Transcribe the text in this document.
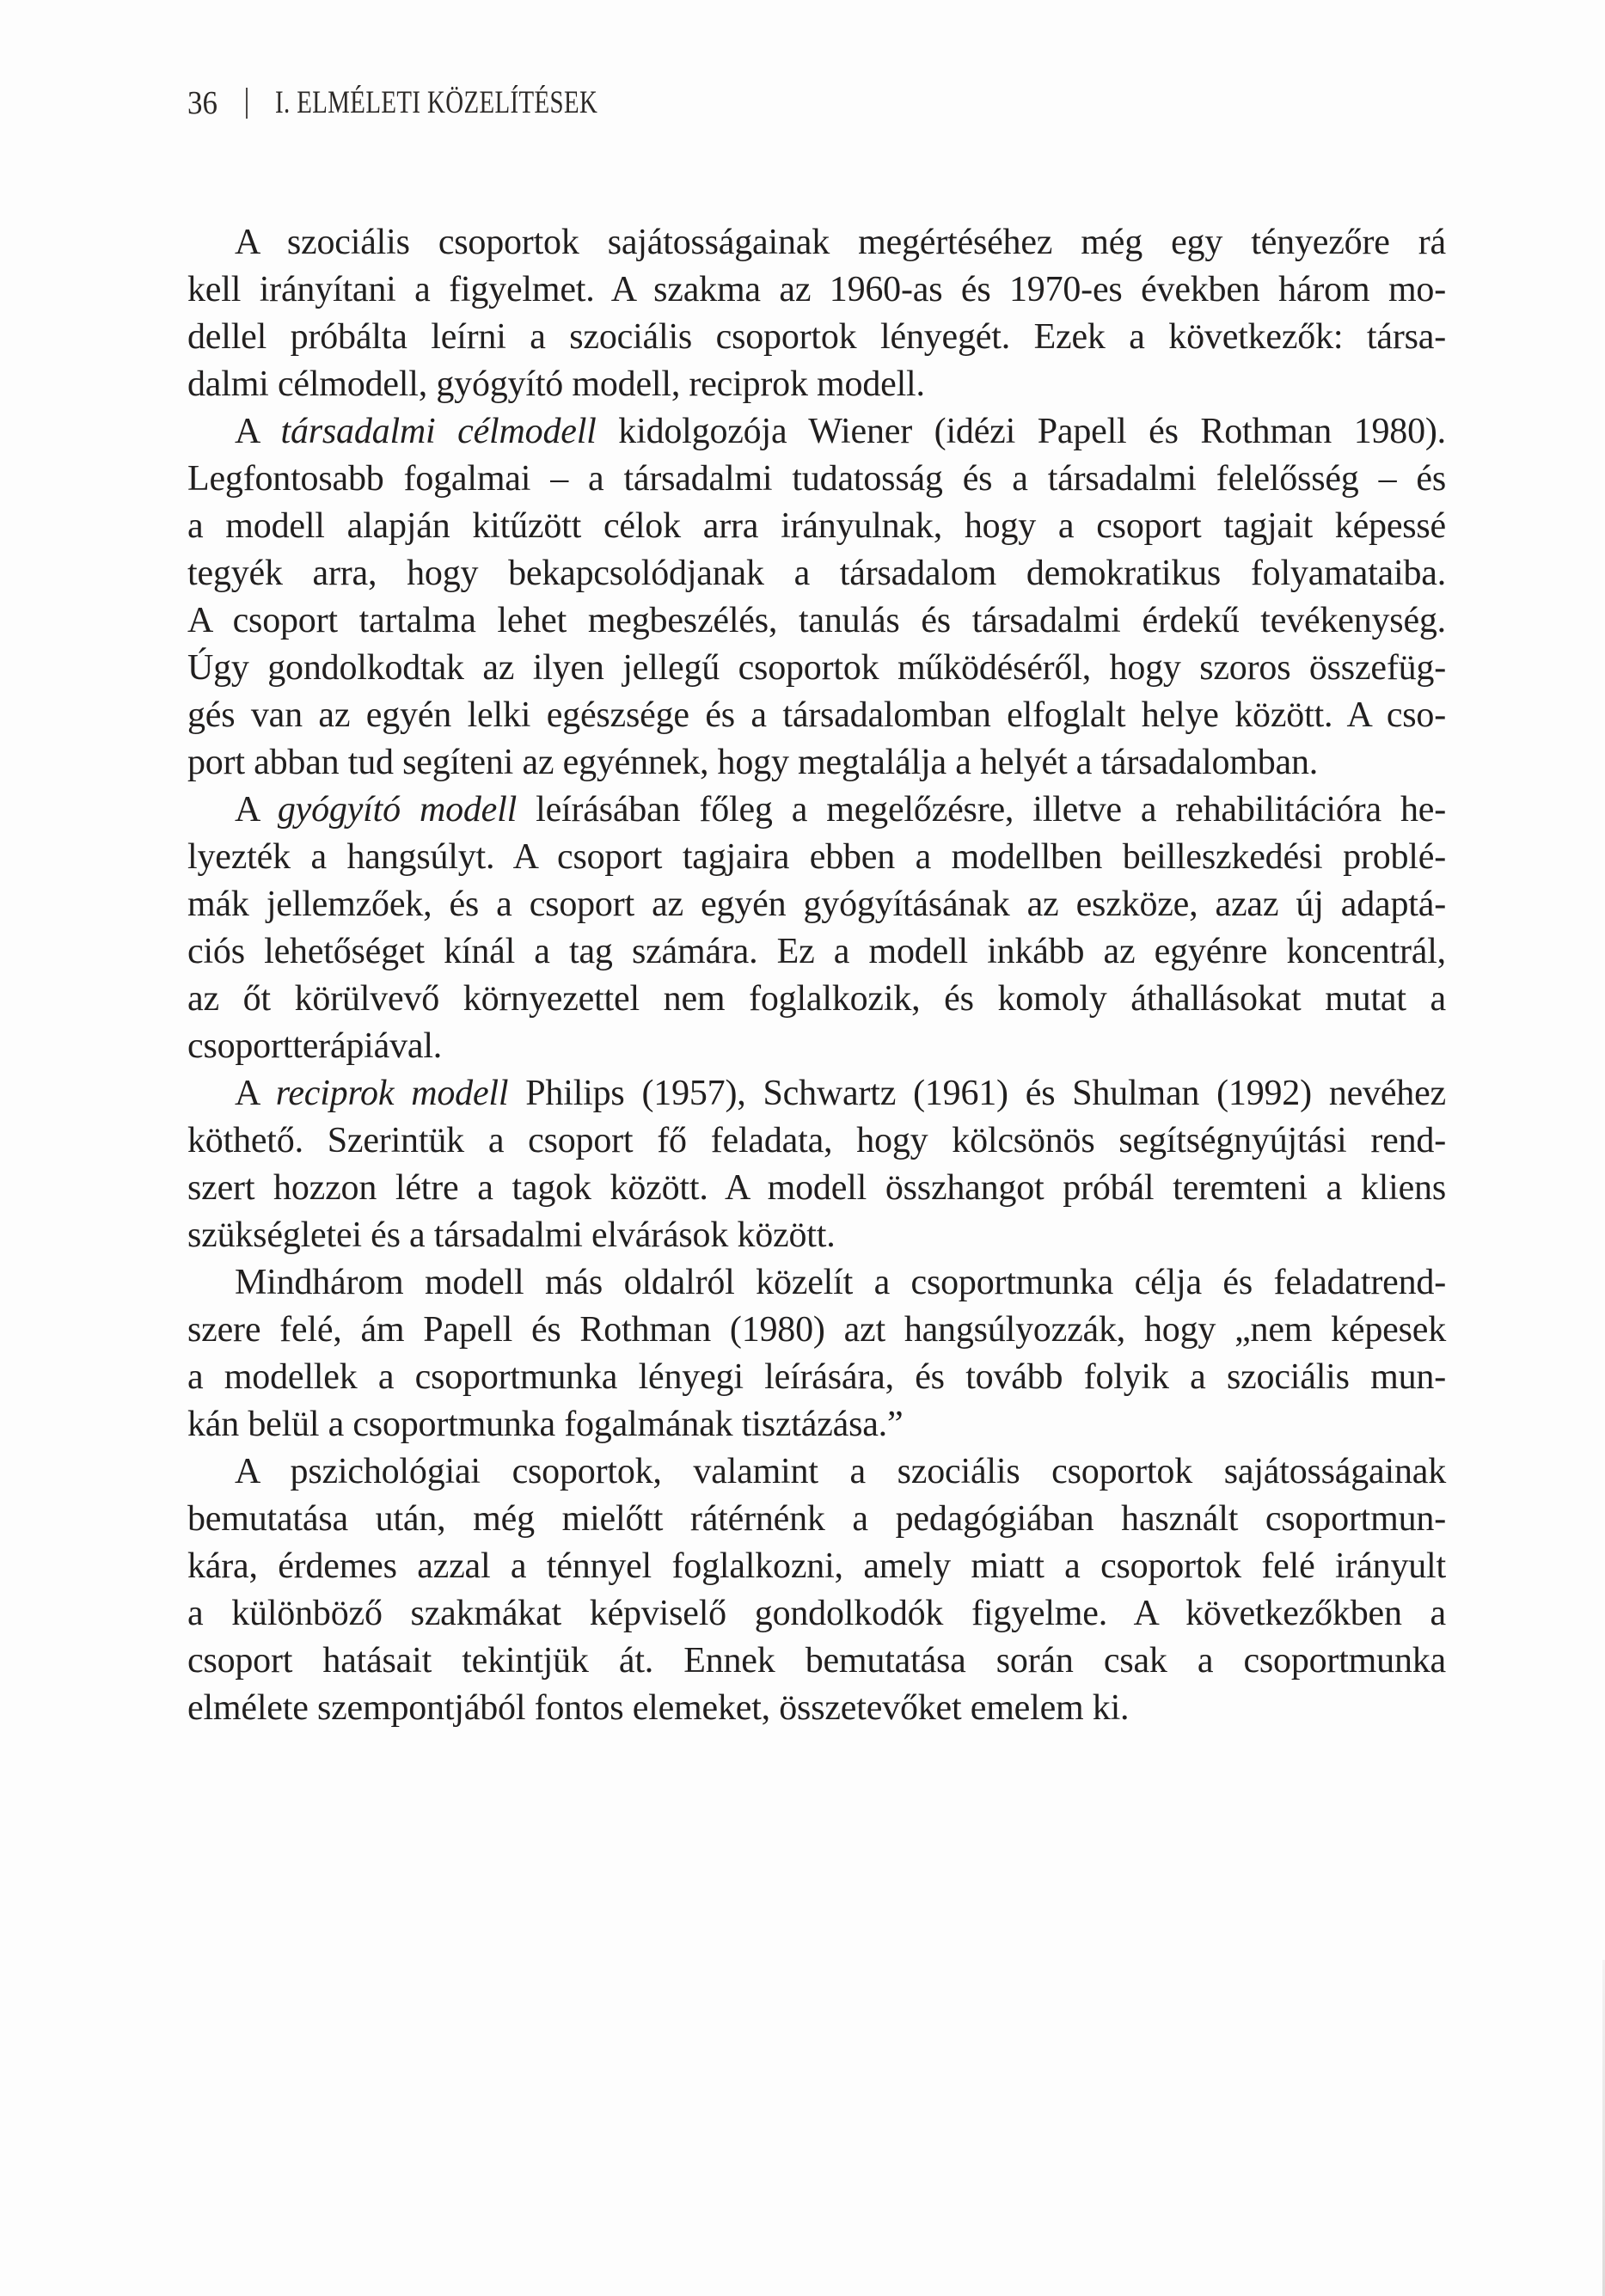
36 I. ELMÉLETI KÖZELÍTÉSEK

A szociális csoportok sajátosságainak megértéséhez még egy tényezőre rá

kell irányítani a figyelmet. A szakma az 1960-as és 1970-es években három mo-

dellel próbálta leírni a szociális csoportok lényegét. Ezek a következők: társa-

dalmi célmodell, gyógyító modell, reciprok modell.

A társadalmi célmodell kidolgozója Wiener (idézi Papell és Rothman 1980).

Legfontosabb fogalmai – a társadalmi tudatosság és a társadalmi felelősség – és

a modell alapján kitűzött célok arra irányulnak, hogy a csoport tagjait képessé

tegyék arra, hogy bekapcsolódjanak a társadalom demokratikus folyamataiba.

A csoport tartalma lehet megbeszélés, tanulás és társadalmi érdekű tevékenység.

Úgy gondolkodtak az ilyen jellegű csoportok működéséről, hogy szoros összefüg-

gés van az egyén lelki egészsége és a társadalomban elfoglalt helye között. A cso-

port abban tud segíteni az egyénnek, hogy megtalálja a helyét a társadalomban.

A gyógyító modell leírásában főleg a megelőzésre, illetve a rehabilitációra he-

lyezték a hangsúlyt. A csoport tagjaira ebben a modellben beilleszkedési problé-

mák jellemzőek, és a csoport az egyén gyógyításának az eszköze, azaz új adaptá-

ciós lehetőséget kínál a tag számára. Ez a modell inkább az egyénre koncentrál,

az őt körülvevő környezettel nem foglalkozik, és komoly áthallásokat mutat a

csoportterápiával.

A reciprok modell Philips (1957), Schwartz (1961) és Shulman (1992) nevéhez

köthető. Szerintük a csoport fő feladata, hogy kölcsönös segítségnyújtási rend-

szert hozzon létre a tagok között. A modell összhangot próbál teremteni a kliens

szükségletei és a társadalmi elvárások között.

Mindhárom modell más oldalról közelít a csoportmunka célja és feladatrend-

szere felé, ám Papell és Rothman (1980) azt hangsúlyozzák, hogy „nem képesek

a modellek a csoportmunka lényegi leírására, és tovább folyik a szociális mun-

kán belül a csoportmunka fogalmának tisztázása.”

A pszichológiai csoportok, valamint a szociális csoportok sajátosságainak

bemutatása után, még mielőtt rátérnénk a pedagógiában használt csoportmun-

kára, érdemes azzal a ténnyel foglalkozni, amely miatt a csoportok felé irányult

a különböző szakmákat képviselő gondolkodók figyelme. A következőkben a

csoport hatásait tekintjük át. Ennek bemutatása során csak a csoportmunka

elmélete szempontjából fontos elemeket, összetevőket emelem ki.
